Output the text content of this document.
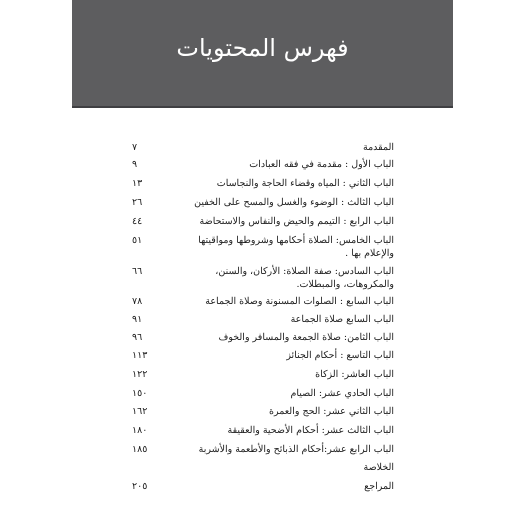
فهرس المحتويات
المقدمة
٧
الباب الأول : مقدمة في فقه العبادات
٩
الباب الثاني : المياه وقضاء الحاجة والنجاسات
١٣
الباب الثالث : الوضوء والغسل والمسح على الخفين
٢٦
الباب الرابع : التيمم والحيض والنفاس والاستحاضة
٤٤
الباب الخامس: الصلاة أحكامها وشروطها ومواقيتها والإعلام بها .
٥١
الباب السادس: صفة الصلاة: الأركان، والسنن، والمكروهات، والمبطلات.
٦٦
الباب السابع : الصلوات المسنونة وصلاة الجماعة
٧٨
الباب السابع صلاة الجماعة
٩١
الباب الثامن: صلاة الجمعة والمسافر والخوف
٩٦
الباب التاسع : أحكام الجنائز
١١٣
الباب العاشر: الزكاة
١٢٢
الباب الحادي عشر: الصيام
١٥٠
الباب الثاني عشر: الحج والعمرة
١٦٢
الباب الثالث عشر: أحكام الأضحية والعقيقة
١٨٠
الباب الرابع عشر:أحكام الذبائح والأطعمة والأشربة
١٨٥
الخلاصة
المراجع
٢٠٥
